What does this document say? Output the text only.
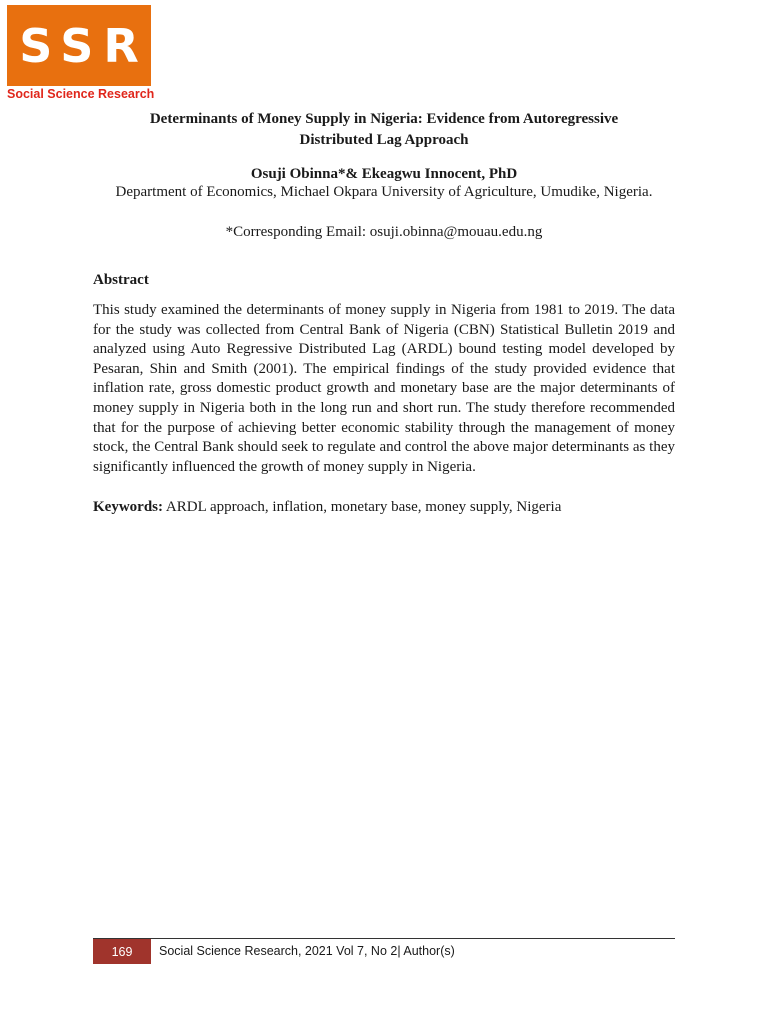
SSR
Social Science Research
Determinants of Money Supply in Nigeria: Evidence from Autoregressive
Distributed Lag Approach
Osuji Obinna*& Ekeagwu Innocent, PhD
Department of Economics, Michael Okpara University of Agriculture, Umudike, Nigeria.
*Corresponding Email: osuji.obinna@mouau.edu.ng
Abstract

This study examined the determinants of money supply in Nigeria from 1981 to 2019. The data for the study was collected from Central Bank of Nigeria (CBN) Statistical Bulletin 2019 and analyzed using Auto Regressive Distributed Lag (ARDL) bound testing model developed by Pesaran, Shin and Smith (2001). The empirical findings of the study provided evidence that inflation rate, gross domestic product growth and monetary base are the major determinants of money supply in Nigeria both in the long run and short run. The study therefore recommended that for the purpose of achieving better economic stability through the management of money stock, the Central Bank should seek to regulate and control the above major determinants as they significantly influenced the growth of money supply in Nigeria.

Keywords: ARDL approach, inflation, monetary base, money supply, Nigeria
169 Social Science Research, 2021 Vol 7, No 2| Author(s)
